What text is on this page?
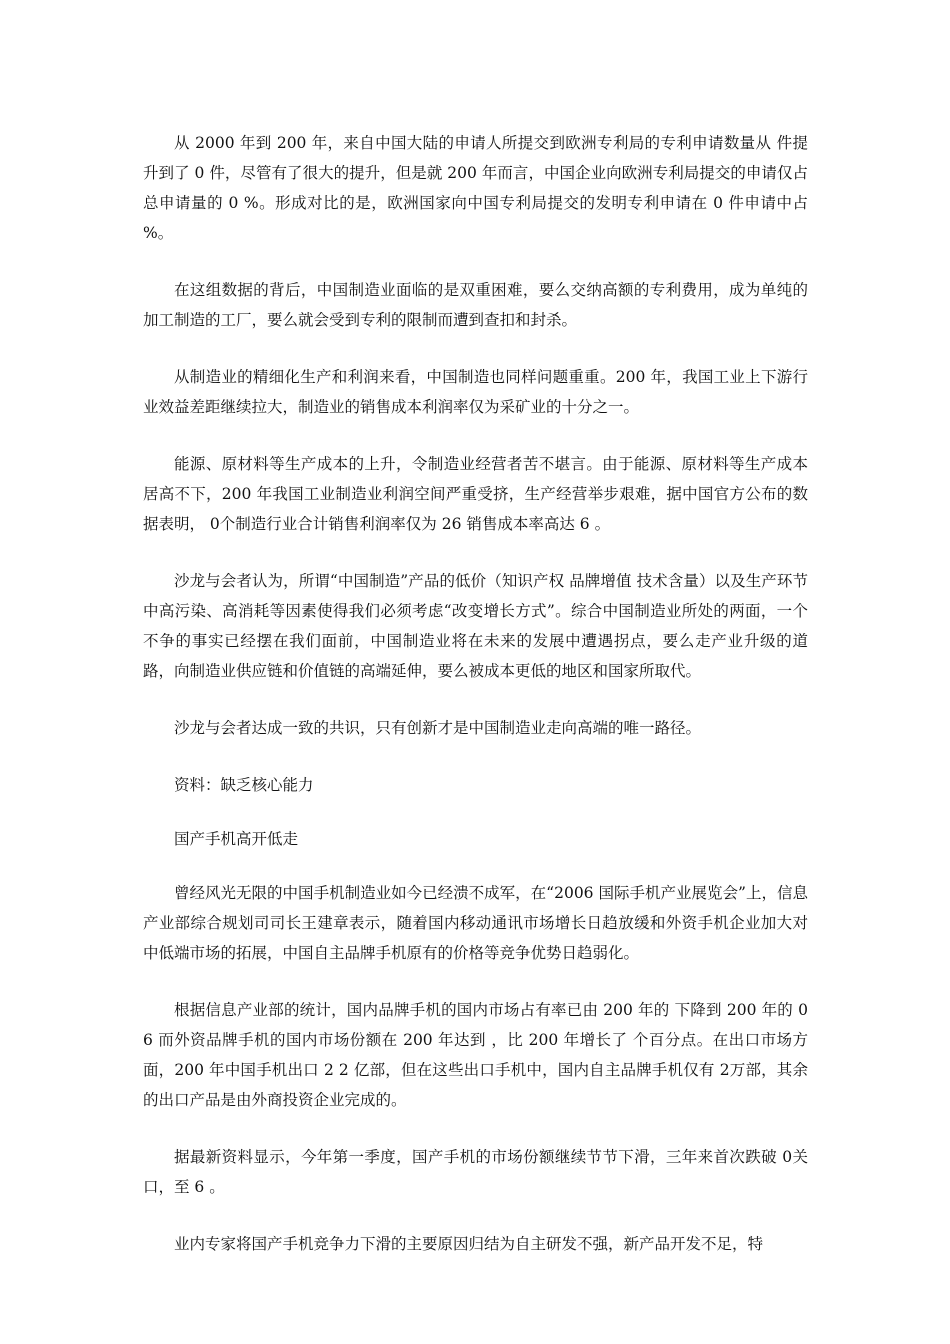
从 2000 年到 200 年，来自中国大陆的申请人所提交到欧洲专利局的专利申请数量从 件提升到了 0 件，尽管有了很大的提升，但是就 200 年而言，中国企业向欧洲专利局提交的申请仅占总申请量的 0 %。形成对比的是，欧洲国家向中国专利局提交的发明专利申请在 0 件申请中占 %。

在这组数据的背后，中国制造业面临的是双重困难，要么交纳高额的专利费用，成为单纯的加工制造的工厂，要么就会受到专利的限制而遭到查扣和封杀。

从制造业的精细化生产和利润来看，中国制造也同样问题重重。200 年，我国工业上下游行业效益差距继续拉大，制造业的销售成本利润率仅为采矿业的十分之一。

能源、原材料等生产成本的上升，令制造业经营者苦不堪言。由于能源、原材料等生产成本居高不下，200 年我国工业制造业利润空间严重受挤，生产经营举步艰难，据中国官方公布的数据表明， 0个制造行业合计销售利润率仅为 26 销售成本率高达 6 。

沙龙与会者认为，所谓“中国制造”产品的低价（知识产权 品牌增值 技术含量）以及生产环节中高污染、高消耗等因素使得我们必须考虑“改变增长方式”。综合中国制造业所处的两面，一个不争的事实已经摆在我们面前，中国制造业将在未来的发展中遭遇拐点，要么走产业升级的道路，向制造业供应链和价值链的高端延伸，要么被成本更低的地区和国家所取代。

沙龙与会者达成一致的共识，只有创新才是中国制造业走向高端的唯一路径。

资料：缺乏核心能力

国产手机高开低走

曾经风光无限的中国手机制造业如今已经溃不成军，在“2006 国际手机产业展览会”上，信息产业部综合规划司司长王建章表示，随着国内移动通讯市场增长日趋放缓和外资手机企业加大对中低端市场的拓展，中国自主品牌手机原有的价格等竞争优势日趋弱化。

根据信息产业部的统计，国内品牌手机的国内市场占有率已由 200 年的 下降到 200 年的 0 6 而外资品牌手机的国内市场份额在 200 年达到 ，比 200 年增长了 个百分点。在出口市场方面，200 年中国手机出口 2 2 亿部，但在这些出口手机中，国内自主品牌手机仅有 2万部，其余 的出口产品是由外商投资企业完成的。

据最新资料显示，今年第一季度，国产手机的市场份额继续节节下滑，三年来首次跌破 0关口，至 6 。

业内专家将国产手机竞争力下滑的主要原因归结为自主研发不强，新产品开发不足，特
